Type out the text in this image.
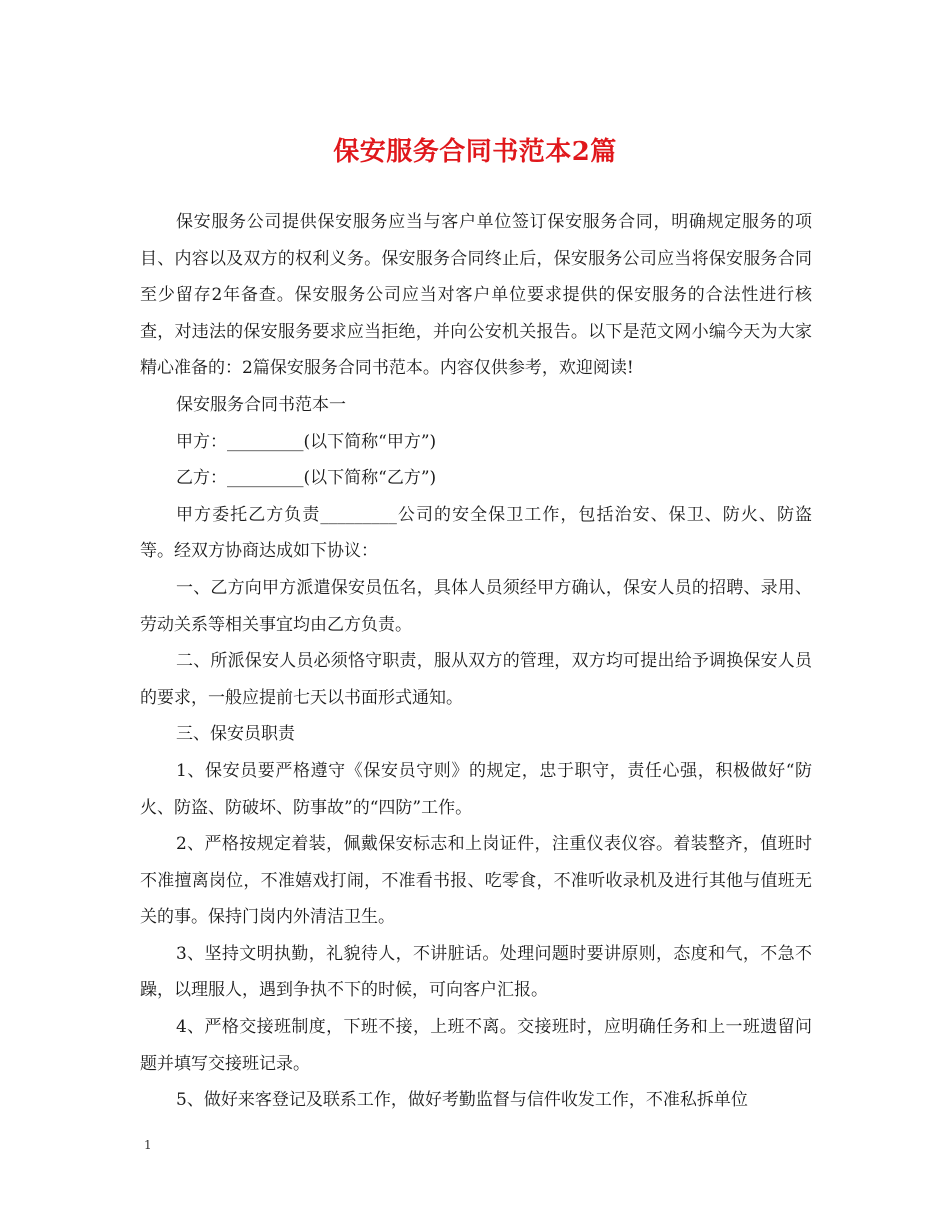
保安服务合同书范本2篇

保安服务公司提供保安服务应当与客户单位签订保安服务合同，明确规定服务的项目、内容以及双方的权利义务。保安服务合同终止后，保安服务公司应当将保安服务合同至少留存2年备查。保安服务公司应当对客户单位要求提供的保安服务的合法性进行核查，对违法的保安服务要求应当拒绝，并向公安机关报告。以下是范文网小编今天为大家精心准备的：2篇保安服务合同书范本。内容仅供参考，欢迎阅读!

保安服务合同书范本一

甲方：_________(以下简称“甲方”)

乙方：_________(以下简称“乙方”)

甲方委托乙方负责_________公司的安全保卫工作，包括治安、保卫、防火、防盗等。经双方协商达成如下协议：

一、乙方向甲方派遣保安员伍名，具体人员须经甲方确认，保安人员的招聘、录用、劳动关系等相关事宜均由乙方负责。

二、所派保安人员必须恪守职责，服从双方的管理，双方均可提出给予调换保安人员的要求，一般应提前七天以书面形式通知。

三、保安员职责

1、保安员要严格遵守《保安员守则》的规定，忠于职守，责任心强，积极做好“防火、防盗、防破坏、防事故”的“四防”工作。

2、严格按规定着装，佩戴保安标志和上岗证件，注重仪表仪容。着装整齐，值班时不准擅离岗位，不准嬉戏打闹，不准看书报、吃零食，不准听收录机及进行其他与值班无关的事。保持门岗内外清洁卫生。

3、坚持文明执勤，礼貌待人，不讲脏话。处理问题时要讲原则，态度和气，不急不躁，以理服人，遇到争执不下的时候，可向客户汇报。

4、严格交接班制度，下班不接，上班不离。交接班时，应明确任务和上一班遗留问题并填写交接班记录。

5、做好来客登记及联系工作，做好考勤监督与信件收发工作，不准私拆单位

1
